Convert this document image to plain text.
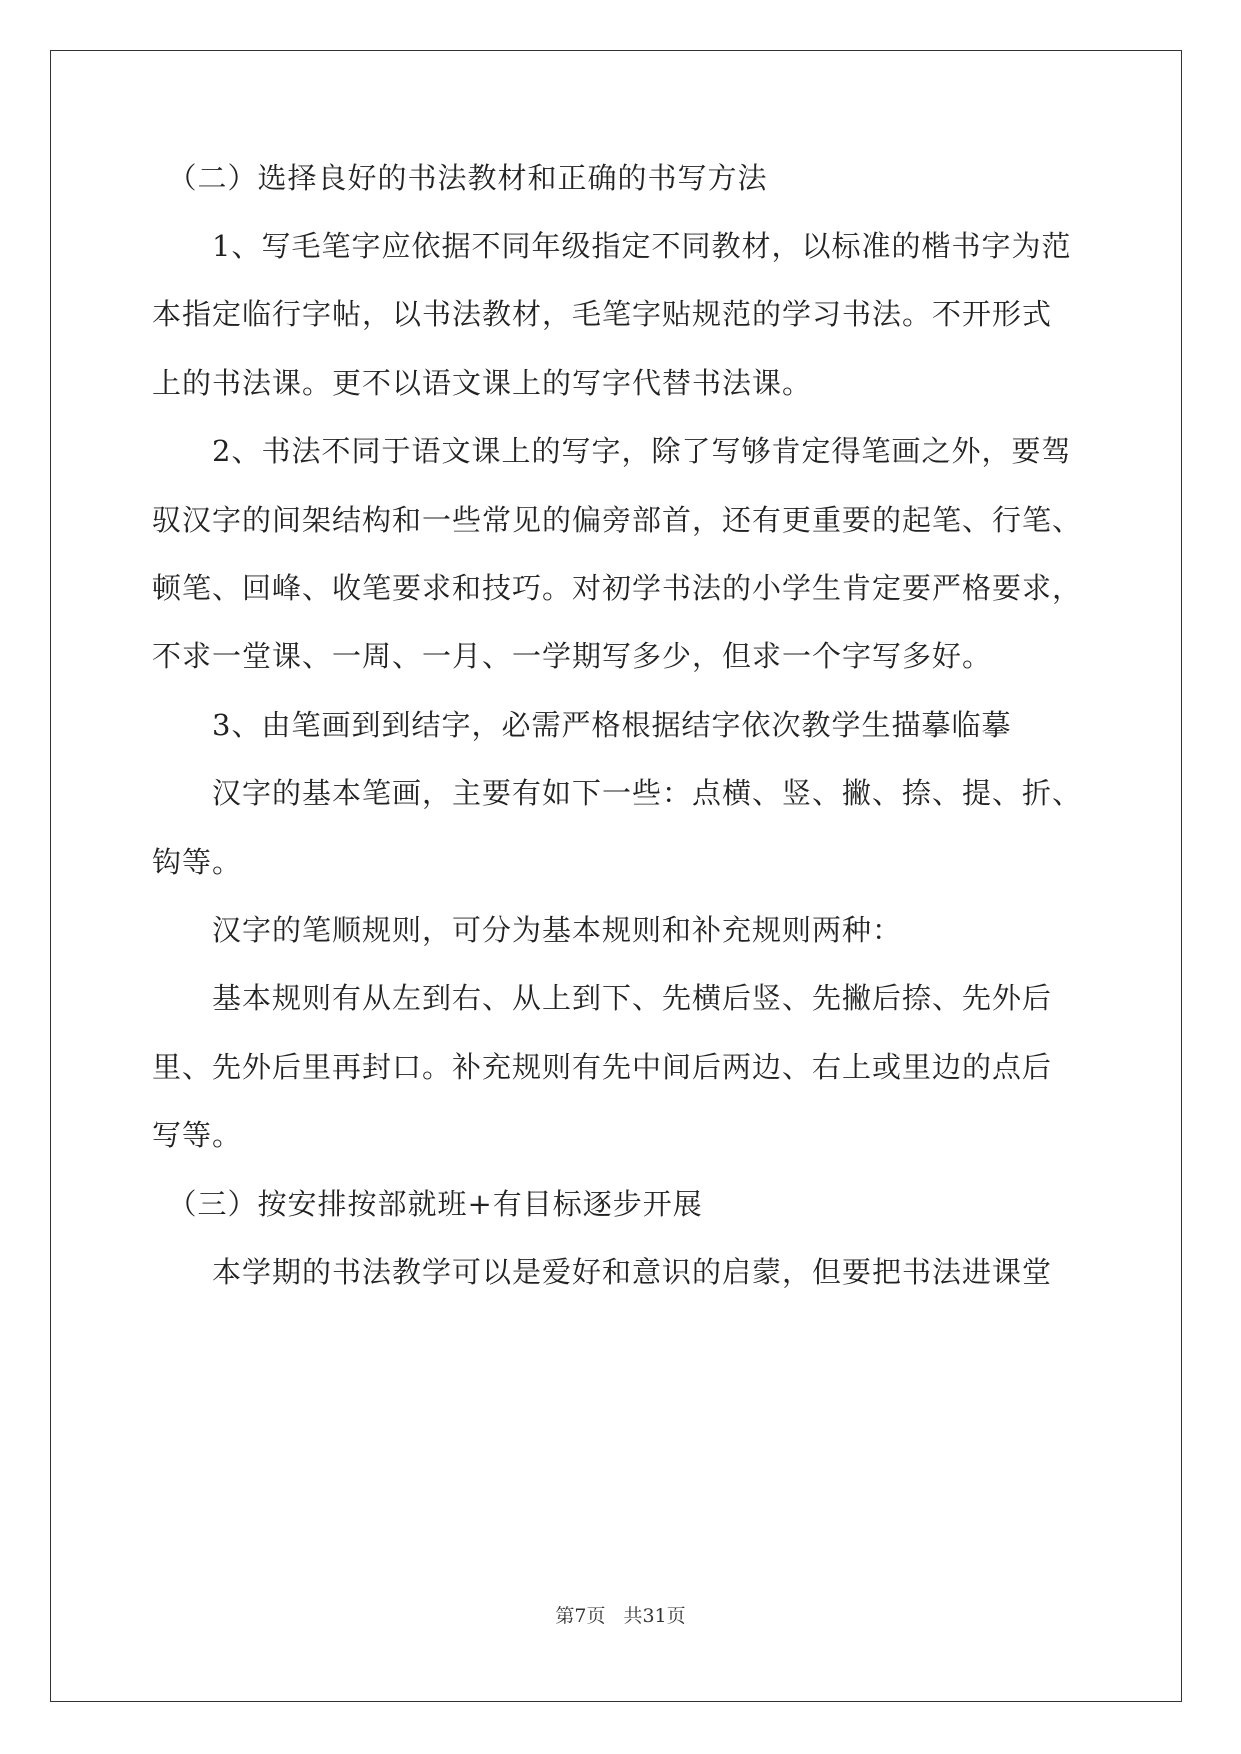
　（二）选择良好的书法教材和正确的书写方法
　　1、写毛笔字应依据不同年级指定不同教材，以标准的楷书字为范
本指定临行字帖，以书法教材，毛笔字贴规范的学习书法。不开形式
上的书法课。更不以语文课上的写字代替书法课。
　　2、书法不同于语文课上的写字，除了写够肯定得笔画之外，要驾
驭汉字的间架结构和一些常见的偏旁部首，还有更重要的起笔、行笔、
顿笔、回峰、收笔要求和技巧。对初学书法的小学生肯定要严格要求，
不求一堂课、一周、一月、一学期写多少，但求一个字写多好。
　　3、由笔画到到结字，必需严格根据结字依次教学生描摹临摹
　　汉字的基本笔画，主要有如下一些：点横、竖、撇、捺、提、折、
钩等。
　　汉字的笔顺规则，可分为基本规则和补充规则两种：
　　基本规则有从左到右、从上到下、先横后竖、先撇后捺、先外后
里、先外后里再封口。补充规则有先中间后两边、右上或里边的点后
写等。
　（三）按安排按部就班+有目标逐步开展
　　本学期的书法教学可以是爱好和意识的启蒙，但要把书法进课堂
第7页 共31页
